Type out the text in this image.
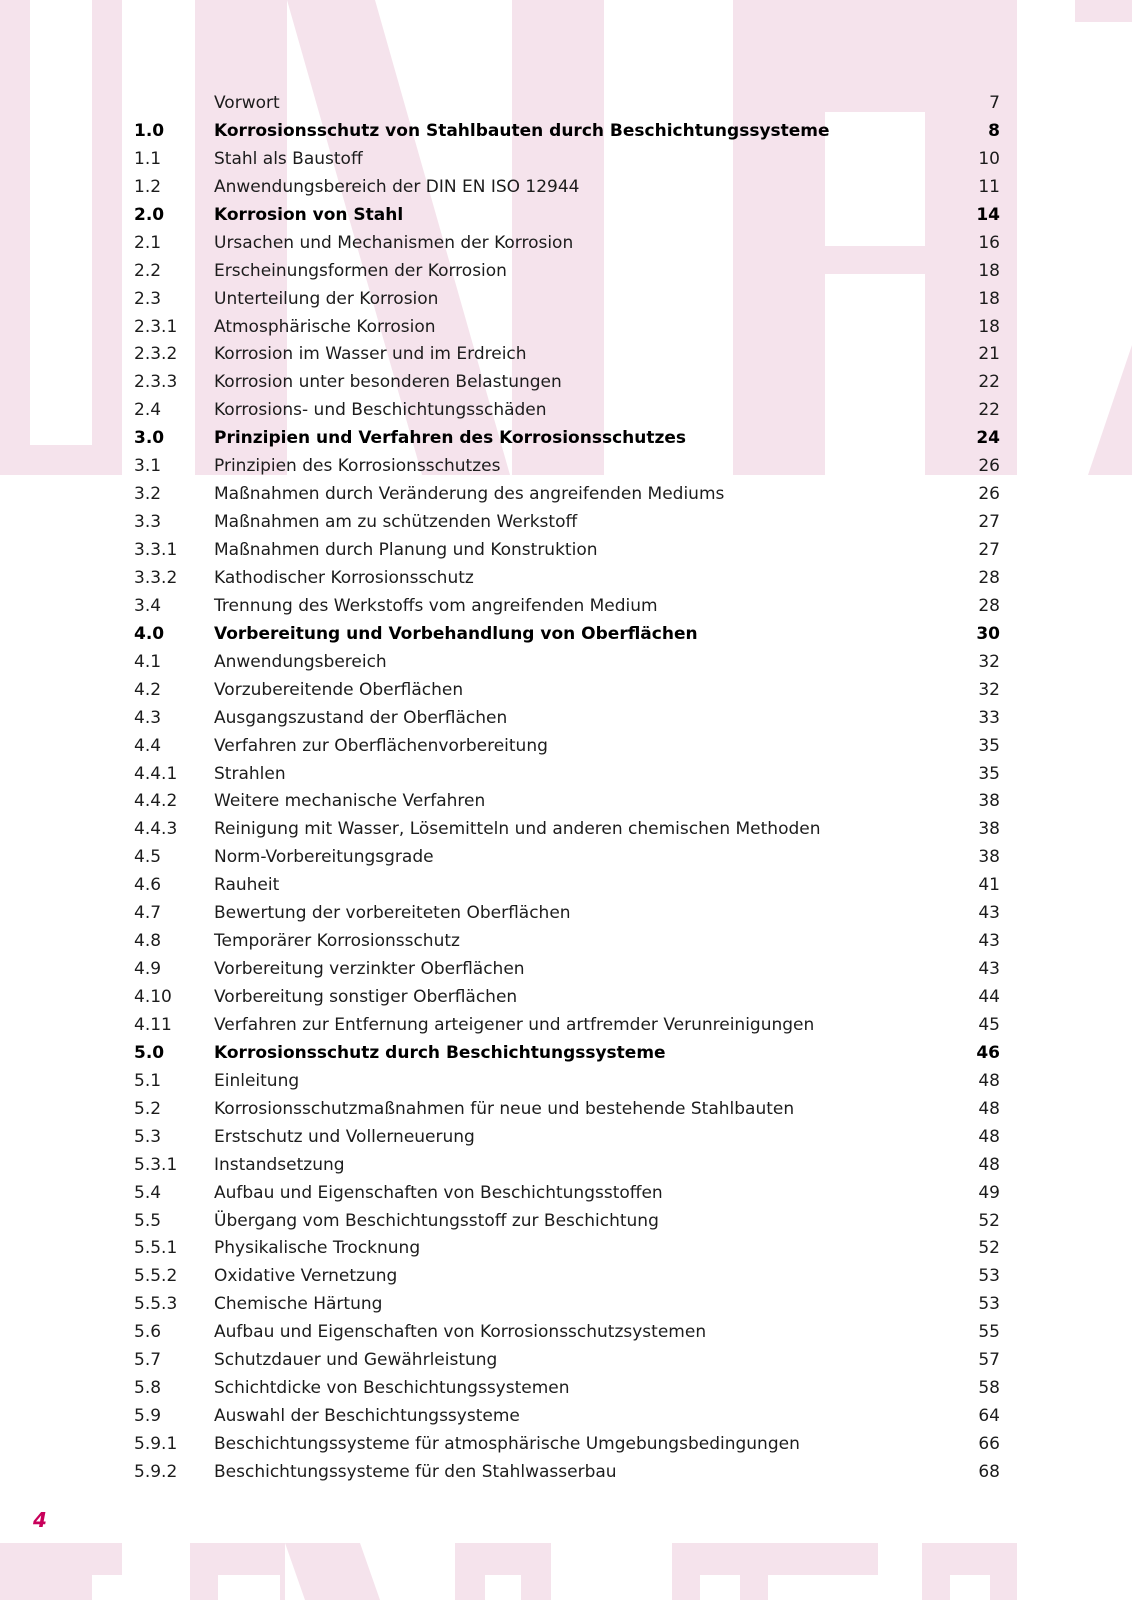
Vorwort	7
1.0	Korrosionsschutz von Stahlbauten durch Beschichtungssysteme	8
1.1	Stahl als Baustoff	10
1.2	Anwendungsbereich der DIN EN ISO 12944	11
2.0	Korrosion von Stahl	14
2.1	Ursachen und Mechanismen der Korrosion	16
2.2	Erscheinungsformen der Korrosion	18
2.3	Unterteilung der Korrosion	18
2.3.1 Atmosphärische Korrosion	18
2.3.2 Korrosion im Wasser und im Erdreich	21
2.3.3 Korrosion unter besonderen Belastungen	22
2.4	Korrosions- und Beschichtungsschäden	22
3.0	Prinzipien und Verfahren des Korrosionsschutzes	24
3.1	Prinzipien des Korrosionsschutzes	26
3.2	Maßnahmen durch Veränderung des angreifenden Mediums	26
3.3	Maßnahmen am zu schützenden Werkstoff	27
3.3.1 Maßnahmen durch Planung und Konstruktion	27
3.3.2 Kathodischer Korrosionsschutz	28
3.4	Trennung des Werkstoffs vom angreifenden Medium	28
4.0	Vorbereitung und Vorbehandlung von Oberflächen	30
4.1	Anwendungsbereich	32
4.2	Vorzubereitende Oberflächen	32
4.3	Ausgangszustand der Oberflächen	33
4.4	Verfahren zur Oberflächenvorbereitung	35
4.4.1 Strahlen	35
4.4.2 Weitere mechanische Verfahren	38
4.4.3 Reinigung mit Wasser, Lösemitteln und anderen chemischen Methoden	38
4.5	Norm-Vorbereitungsgrade	38
4.6	Rauheit	41
4.7	Bewertung der vorbereiteten Oberflächen	43
4.8	Temporärer Korrosionsschutz	43
4.9	Vorbereitung verzinkter Oberflächen	43
4.10 Vorbereitung sonstiger Oberflächen	44
4.11 Verfahren zur Entfernung arteigener und artfremder Verunreinigungen	45
5.0	Korrosionsschutz durch Beschichtungssysteme	46
5.1	Einleitung	48
5.2	Korrosionsschutzmaßnahmen für neue und bestehende Stahlbauten	48
5.3	Erstschutz und Vollerneuerung	48
5.3.1 Instandsetzung	48
5.4	Aufbau und Eigenschaften von Beschichtungsstoffen	49
5.5	Übergang vom Beschichtungsstoff zur Beschichtung	52
5.5.1 Physikalische Trocknung	52
5.5.2 Oxidative Vernetzung	53
5.5.3 Chemische Härtung	53
5.6	Aufbau und Eigenschaften von Korrosionsschutzsystemen	55
5.7	Schutzdauer und Gewährleistung	57
5.8	Schichtdicke von Beschichtungssystemen	58
5.9	Auswahl der Beschichtungssysteme	64
5.9.1 Beschichtungssysteme für atmosphärische Umgebungsbedingungen	66
5.9.2 Beschichtungssysteme für den Stahlwasserbau	68
4
